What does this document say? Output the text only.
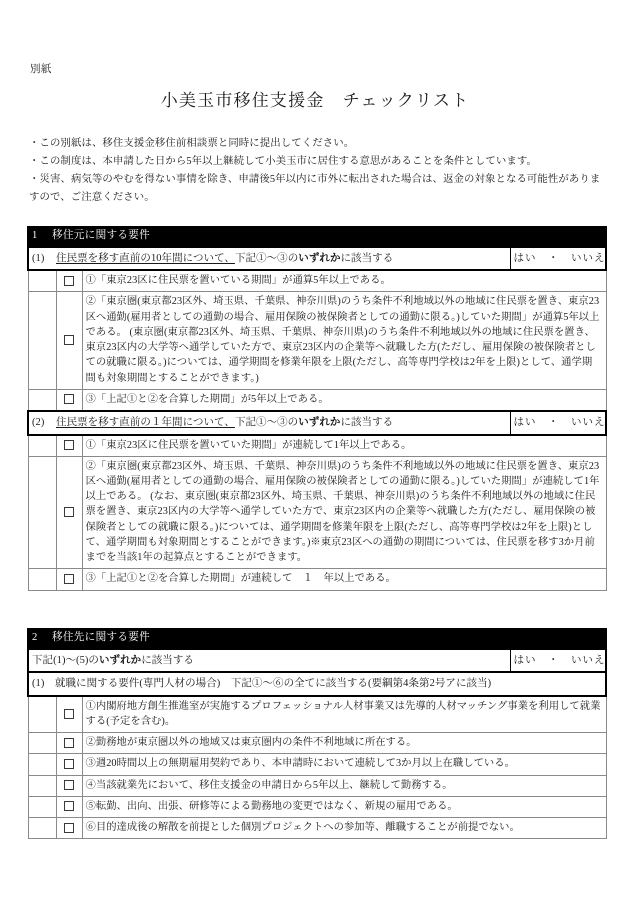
別紙
小美玉市移住支援金　チェックリスト

・この別紙は、移住支援金移住前相談票と同時に提出してください。

・この制度は、本申請した日から5年以上継続して小美玉市に居住する意思があることを条件としています。

・災害、病気等のやむを得ない事情を除き、申請後5年以内に市外に転出された場合は、返金の対象となる可能性がありますので、ご注意ください。

1 移住元に関する要件
(1) 住民票を移す直前の10年間について、下記①～③のいずれかに該当する			はい　・　いいえ
		①「東京23区に住民票を置いている期間」が通算5年以上である。	
		②「東京圏(東京都23区外、埼玉県、千葉県、神奈川県)のうち条件不利地域以外の地域に住民票を置き、東京23区へ通勤(雇用者としての通勤の場合、雇用保険の被保険者としての通勤に限る。)していた期間」が通算5年以上である。 (東京圏(東京都23区外、埼玉県、千葉県、神奈川県)のうち条件不利地域以外の地域に住民票を置き、東京23区内の大学等へ通学していた方で、東京23区内の企業等へ就職した方(ただし、雇用保険の被保険者としての就職に限る。)については、通学期間を修業年限を上限(ただし、高等専門学校は2年を上限)として、通学期間も対象期間とすることができます。)	
		③「上記①と②を合算した期間」が5年以上である。	
(2) 住民票を移す直前の１年間について、下記①～③のいずれかに該当する			はい　・　いいえ
		①「東京23区に住民票を置いていた期間」が連続して1年以上である。	
		②「東京圏(東京都23区外、埼玉県、千葉県、神奈川県)のうち条件不利地域以外の地域に住民票を置き、東京23区へ通勤(雇用者としての通勤の場合、雇用保険の被保険者としての通勤に限る。)していた期間」が連続して1年以上である。 (なお、東京圏(東京都23区外、埼玉県、千葉県、神奈川県)のうち条件不利地域以外の地域に住民票を置き、東京23区内の大学等へ通学していた方で、東京23区内の企業等へ就職した方(ただし、雇用保険の被保険者としての就職に限る。)については、通学期間を修業年限を上限(ただし、高等専門学校は2年を上限)として、通学期間も対象期間とすることができます。)※東京23区への通勤の期間については、住民票を移す3か月前までを当該1年の起算点とすることができます。	
		③「上記①と②を合算した期間」が連続して　１　年以上である。	
2 移住先に関する要件
下記(1)～(5)のいずれかに該当する			はい　・　いいえ
(1)　就職に関する要件(専門人材の場合)　下記①～⑥の全てに該当する(要綱第4条第2号アに該当)			
		①内閣府地方創生推進室が実施するプロフェッショナル人材事業又は先導的人材マッチング事業を利用して就業する(予定を含む)。	
		②勤務地が東京圏以外の地域又は東京圏内の条件不利地域に所在する。	
		③週20時間以上の無期雇用契約であり、本申請時において連続して3か月以上在職している。	
		④当該就業先において、移住支援金の申請日から5年以上、継続して勤務する。	
		⑤転勤、出向、出張、研修等による勤務地の変更ではなく、新規の雇用である。	
		⑥目的達成後の解散を前提とした個別プロジェクトへの参加等、離職することが前提でない。	
